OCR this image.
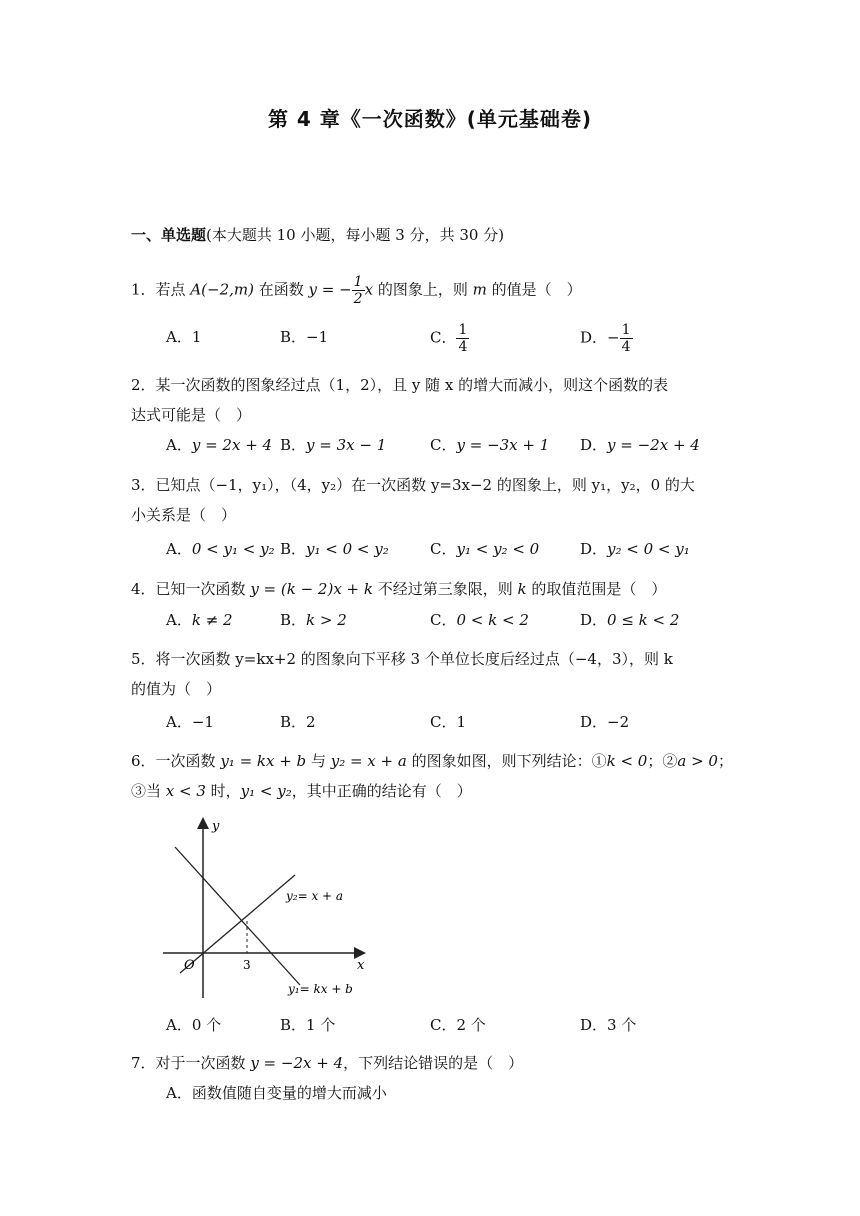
第 4 章《一次函数》(单元基础卷)
一、单选题(本大题共 10 小题，每小题 3 分，共 30 分)
1．若点 A(−2,m) 在函数 y = − $\frac{1}{2}$ x 的图象上，则 m 的值是（　）
A．1	B．−1	C． $\frac{1}{4}$	D．− $\frac{1}{4}$
2．某一次函数的图象经过点（1，2），且 y 随 x 的增大而减小，则这个函数的表
达式可能是（　）
A．y = 2x + 4 B．y = 3x − 1	C．y = −3x + 1 D．y = −2x + 4
3．已知点（−1，y₁），（4，y₂）在一次函数 y=3x−2 的图象上，则 y₁，y₂，0 的大
小关系是（　）
A．0 < y₁ < y₂ B．y₁ < 0 < y₂	C．y₁ < y₂ < 0	D．y₂ < 0 < y₁
4．已知一次函数 y = (k − 2)x + k 不经过第三象限，则 k 的取值范围是（　）
A．k ≠ 2	B．k > 2	C．0 < k < 2	D．0 ≤ k < 2
5．将一次函数 y=kx+2 的图象向下平移 3 个单位长度后经过点（−4，3），则 k
的值为（　）
A．−1	B．2	C．1	D．−2
6．一次函数 y₁ = kx + b 与 y₂ = x + a 的图象如图，则下列结论：①k < 0；②a > 0；
③当 x < 3 时，y₁ < y₂，其中正确的结论有（　）
y
x
O	3
y₂= x + a
y₁= kx + b
A．0 个	B．1 个	C．2 个	D．3 个
7．对于一次函数 y = −2x + 4，下列结论错误的是（　）
A．函数值随自变量的增大而减小
